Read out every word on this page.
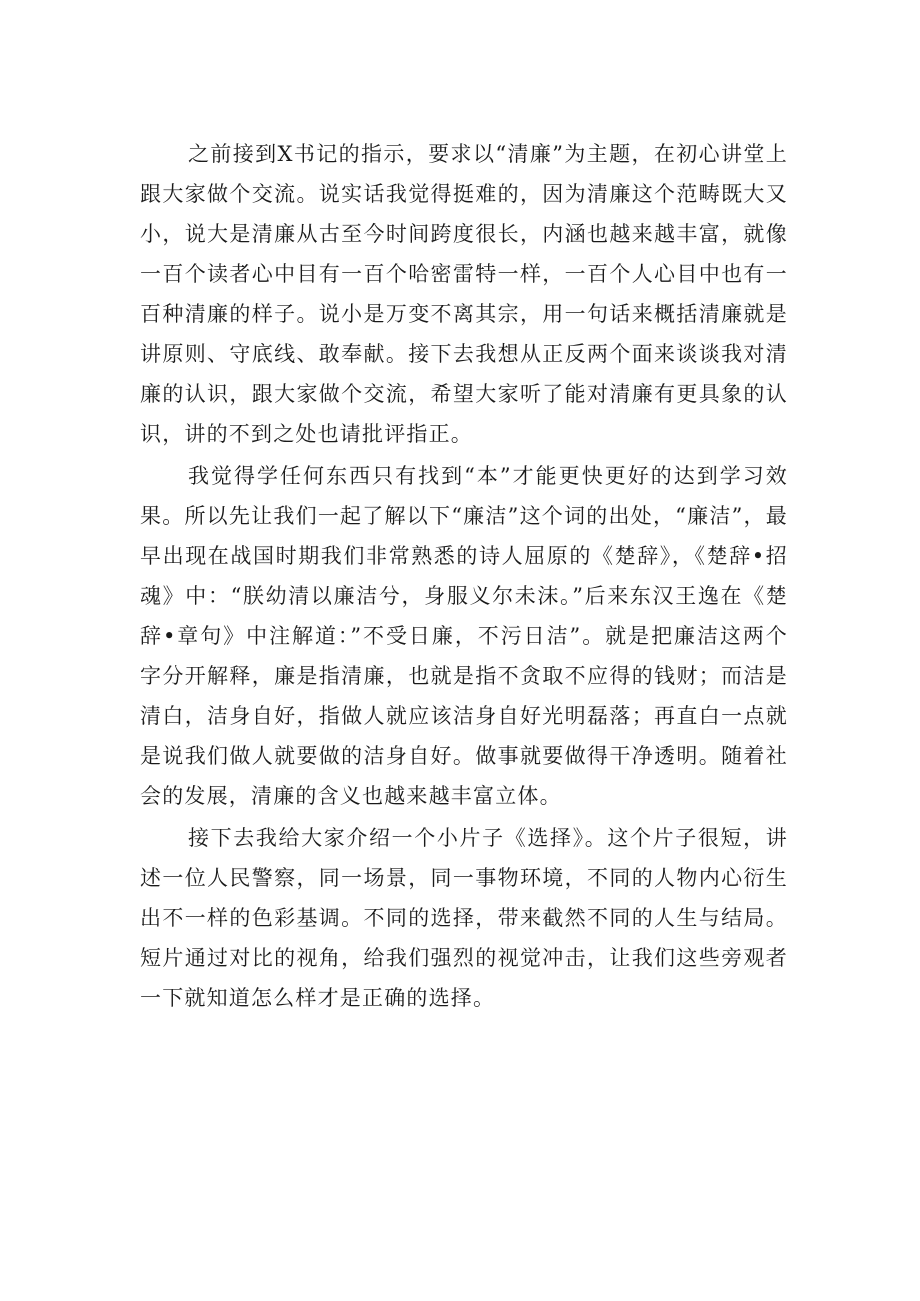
之前接到X书记的指示，要求以“清廉”为主题，在初心讲堂上跟大家做个交流。说实话我觉得挺难的，因为清廉这个范畴既大又小，说大是清廉从古至今时间跨度很长，内涵也越来越丰富，就像一百个读者心中目有一百个哈密雷特一样，一百个人心目中也有一百种清廉的样子。说小是万变不离其宗，用一句话来概括清廉就是讲原则、守底线、敢奉献。接下去我想从正反两个面来谈谈我对清廉的认识，跟大家做个交流，希望大家听了能对清廉有更具象的认识，讲的不到之处也请批评指正。

我觉得学任何东西只有找到“本”才能更快更好的达到学习效果。所以先让我们一起了解以下“廉洁”这个词的出处，“廉洁”，最早出现在战国时期我们非常熟悉的诗人屈原的《楚辞》，《楚辞•招魂》中：“朕幼清以廉洁兮，身服义尔未沫。”后来东汉王逸在《楚辞•章句》中注解道：”不受日廉，不污日洁”。就是把廉洁这两个字分开解释，廉是指清廉，也就是指不贪取不应得的钱财；而洁是清白，洁身自好，指做人就应该洁身自好光明磊落；再直白一点就是说我们做人就要做的洁身自好。做事就要做得干净透明。随着社会的发展，清廉的含义也越来越丰富立体。

接下去我给大家介绍一个小片子《选择》。这个片子很短，讲述一位人民警察，同一场景，同一事物环境，不同的人物内心衍生出不一样的色彩基调。不同的选择，带来截然不同的人生与结局。短片通过对比的视角，给我们强烈的视觉冲击，让我们这些旁观者一下就知道怎么样才是正确的选择。
